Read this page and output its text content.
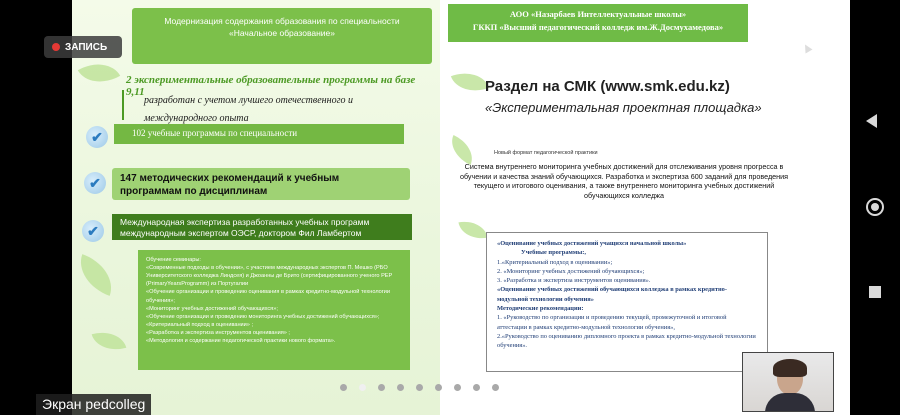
Модернизация содержания образования по специальности
«Начальное образование»
2 экспериментальные образовательные программы на базе 9,11
разработан с учетом лучшего отечественного и международного опыта
✔	102 учебные программы по специальности
✔	147 методических рекомендаций к учебным программам по дисциплинам
✔
Международная экспертиза разработанных учебных программ международным экспертом ОЭСР, доктором Фил Ламбертом
Обучение семинары:
«Современные подходы в обучении», с участием международных экспертов П. Мешко (РБО Университетского колледжа Линдсея) и Джоанны де Брито (сертифицированного ученого РЕР (PrimaryYearsProgramm) из Португалии
«Обучение организации и проведению оценивания в рамках кредитно-модульной технологии обучения»;
«Мониторинг учебных достижений обучающихся»;
«Обучение организации и проведению мониторинга учебных достижений обучающихся»;
«Критериальный подход в оценивании» ;
«Разработка и экспертиза инструментов оценивания» ;
«Методология и содержание педагогической практики нового формата».
АОО «Назарбаев Интеллектуальные школы»
ГККП «Высший педагогический колледж им.Ж.Досмухамедова»
Раздел на СМК (www.smk.edu.kz)
«Экспериментальная проектная площадка»
Новый формат педагогической практики
Система внутреннего мониторинга учебных достижений для отслеживания уровня прогресса в обучении и качества знаний обучающихся. Разработка и экспертиза 600 заданий для проведения текущего и итогового оценивания, а также внутреннего мониторинга учебных достижений обучающихся колледжа
«Оценивание учебных достижений учащихся начальной школы»
Учебные программы:,
1.«Критериальный подход в оценивании»;
2. «Мониторинг учебных достижений обучающихся»;
3. «Разработка и экспертиза инструментов оценивания».
«Оценивание учебных достижений обучающихся колледжа в рамках кредитно-модульной технологии обучения»
Методические рекомендации:
1. «Руководство по организации и проведению текущей, промежуточной и итоговой аттестации в рамках кредитно-модульной технологии обучения»,
2.«Руководство по оцениванию дипломного проекта в рамках кредитно-модульной технологии обучения».
ЗАПИСЬ
Экран pedcolleg
